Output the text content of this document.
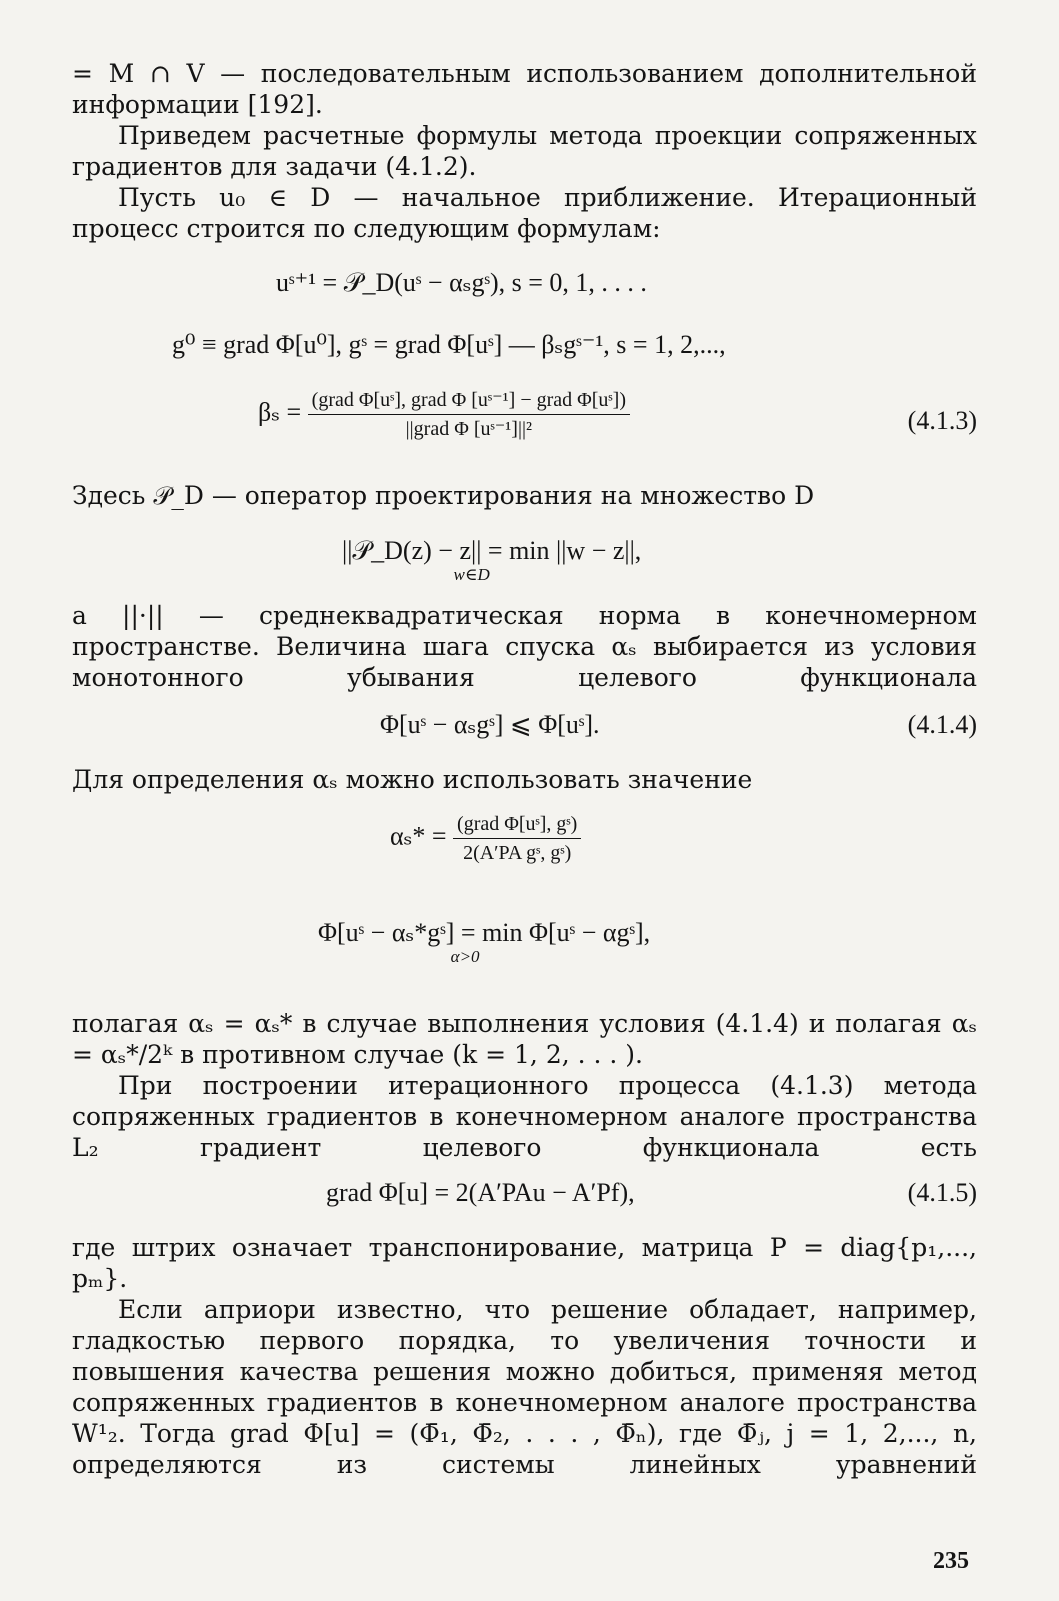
= M ∩ V — последовательным использованием дополнительной информации [192].

Приведем расчетные формулы метода проекции сопряженных градиентов для задачи (4.1.2).

Пусть u₀ ∈ D — начальное приближение. Итерационный процесс строится по следующим формулам:

uˢ⁺¹ = 𝒫_D(uˢ − αₛgˢ), s = 0, 1, . . . .
g⁰ ≡ grad Φ[u⁰], gˢ = grad Φ[uˢ] — βₛgˢ⁻¹, s = 1, 2,...,
$\beta_s = \frac{\text{(grad Φ[uˢ], grad Φ [uˢ⁻¹] − grad Φ[uˢ])}}{\text{||grad Φ [uˢ⁻¹]||²}}$	(4.1.3)

Здесь 𝒫_D — оператор проектирования на множество D

||𝒫_D(z) − z|| = min ||w − z||,
w∈D

а ||·|| — среднеквадратическая норма в конечномерном пространстве. Величина шага спуска αₛ выбирается из условия монотонного убывания целевого функционала

Φ[uˢ − αₛgˢ] ⩽ Φ[uˢ].	(4.1.4)

Для определения αₛ можно использовать значение

$\alpha_s* = \frac{\text{(grad Φ[uˢ], gˢ)}}{\text{2(A′PA gˢ, gˢ)}}$
Φ[uˢ − αₛ*gˢ] = min Φ[uˢ − αgˢ],
α>0

полагая αₛ = αₛ* в случае выполнения условия (4.1.4) и полагая αₛ = αₛ*/2ᵏ в противном случае (k = 1, 2, . . . ).

При построении итерационного процесса (4.1.3) метода сопряженных градиентов в конечномерном аналоге пространства L₂ градиент целевого функционала есть

grad Φ[u] = 2(A′PAu − A′Pf),	(4.1.5)

где штрих означает транспонирование, матрица P = diag{p₁,..., pₘ}.

Если априори известно, что решение обладает, например, гладкостью первого порядка, то увеличения точности и повышения качества решения можно добиться, применяя метод сопряженных градиентов в конечномерном аналоге пространства W¹₂. Тогда grad Φ[u] = (Φ̄₁, Φ̄₂, . . . , Φ̄ₙ), где Φ̄ⱼ, j = 1, 2,..., n, определяются из системы линейных уравнений

235
